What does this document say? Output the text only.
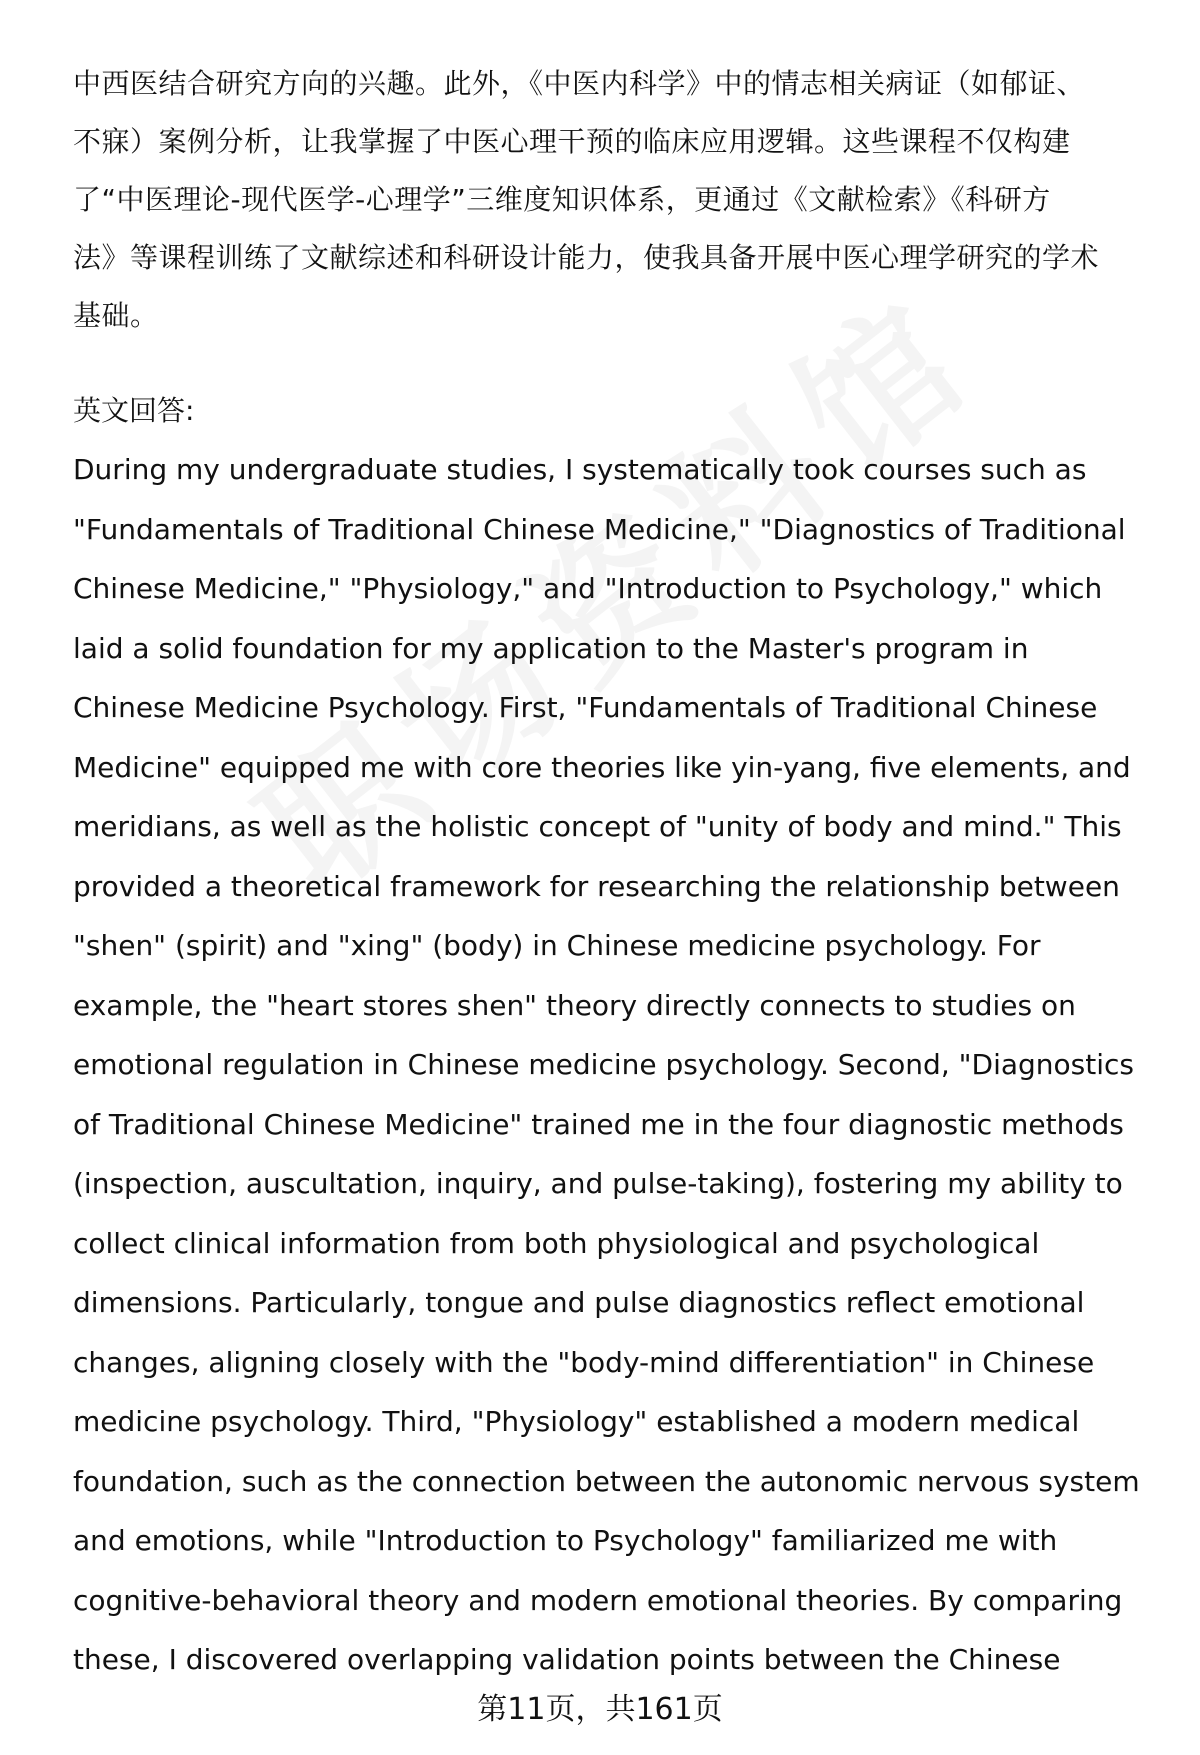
中西医结合研究方向的兴趣。此外，《中医内科学》中的情志相关病证（如郁证、
不寐）案例分析，让我掌握了中医心理干预的临床应用逻辑。这些课程不仅构建
了“中医理论-现代医学-心理学”三维度知识体系，更通过《文献检索》《科研方
法》等课程训练了文献综述和科研设计能力，使我具备开展中医心理学研究的学术
基础。
英文回答:
During my undergraduate studies, I systematically took courses such as
"Fundamentals of Traditional Chinese Medicine," "Diagnostics of Traditional
Chinese Medicine," "Physiology," and "Introduction to Psychology," which
laid a solid foundation for my application to the Master's program in
Chinese Medicine Psychology. First, "Fundamentals of Traditional Chinese
Medicine" equipped me with core theories like yin-yang, five elements, and
meridians, as well as the holistic concept of "unity of body and mind." This
provided a theoretical framework for researching the relationship between
"shen" (spirit) and "xing" (body) in Chinese medicine psychology. For
example, the "heart stores shen" theory directly connects to studies on
emotional regulation in Chinese medicine psychology. Second, "Diagnostics
of Traditional Chinese Medicine" trained me in the four diagnostic methods
(inspection, auscultation, inquiry, and pulse-taking), fostering my ability to
collect clinical information from both physiological and psychological
dimensions. Particularly, tongue and pulse diagnostics reflect emotional
changes, aligning closely with the "body-mind differentiation" in Chinese
medicine psychology. Third, "Physiology" established a modern medical
foundation, such as the connection between the autonomic nervous system
and emotions, while "Introduction to Psychology" familiarized me with
cognitive-behavioral theory and modern emotional theories. By comparing
these, I discovered overlapping validation points between the Chinese
第11页，共161页
